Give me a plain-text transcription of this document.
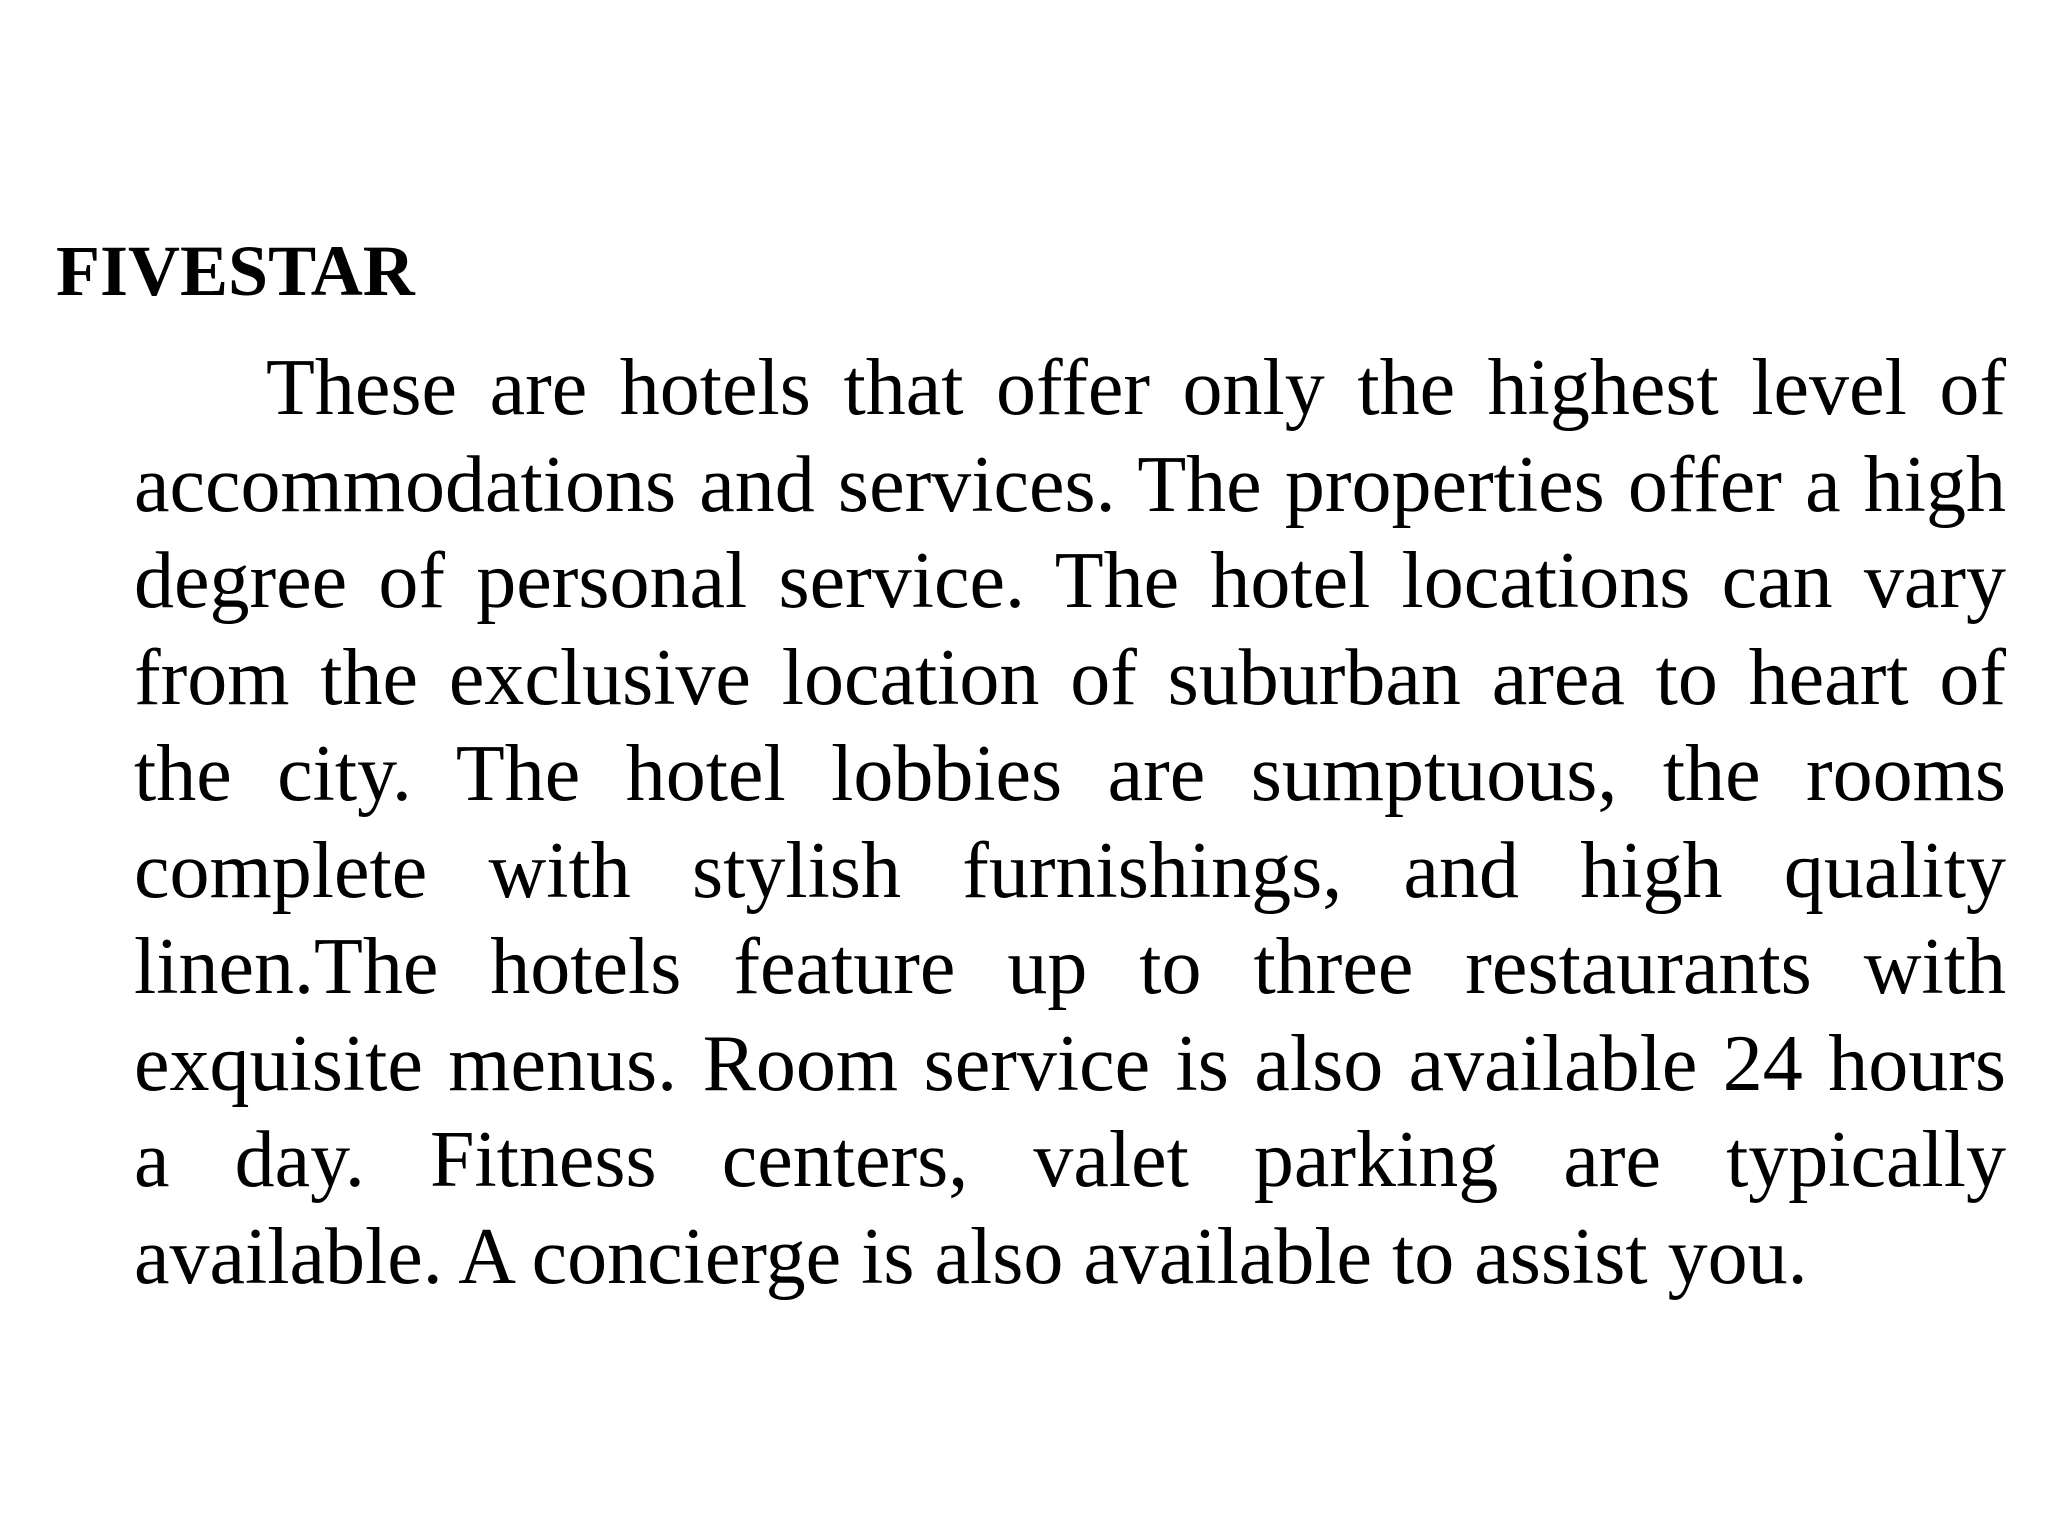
FIVESTAR

These are hotels that offer only the highest level of accommodations and services. The properties offer a high degree of personal service. The hotel locations can vary from the exclusive location of suburban area to heart of the city. The hotel lobbies are sumptuous, the rooms complete with stylish furnishings, and high quality linen.The hotels feature up to three restaurants with exquisite menus. Room service is also available 24 hours a day. Fitness centers, valet parking are typically available. A concierge is also available to assist you.
